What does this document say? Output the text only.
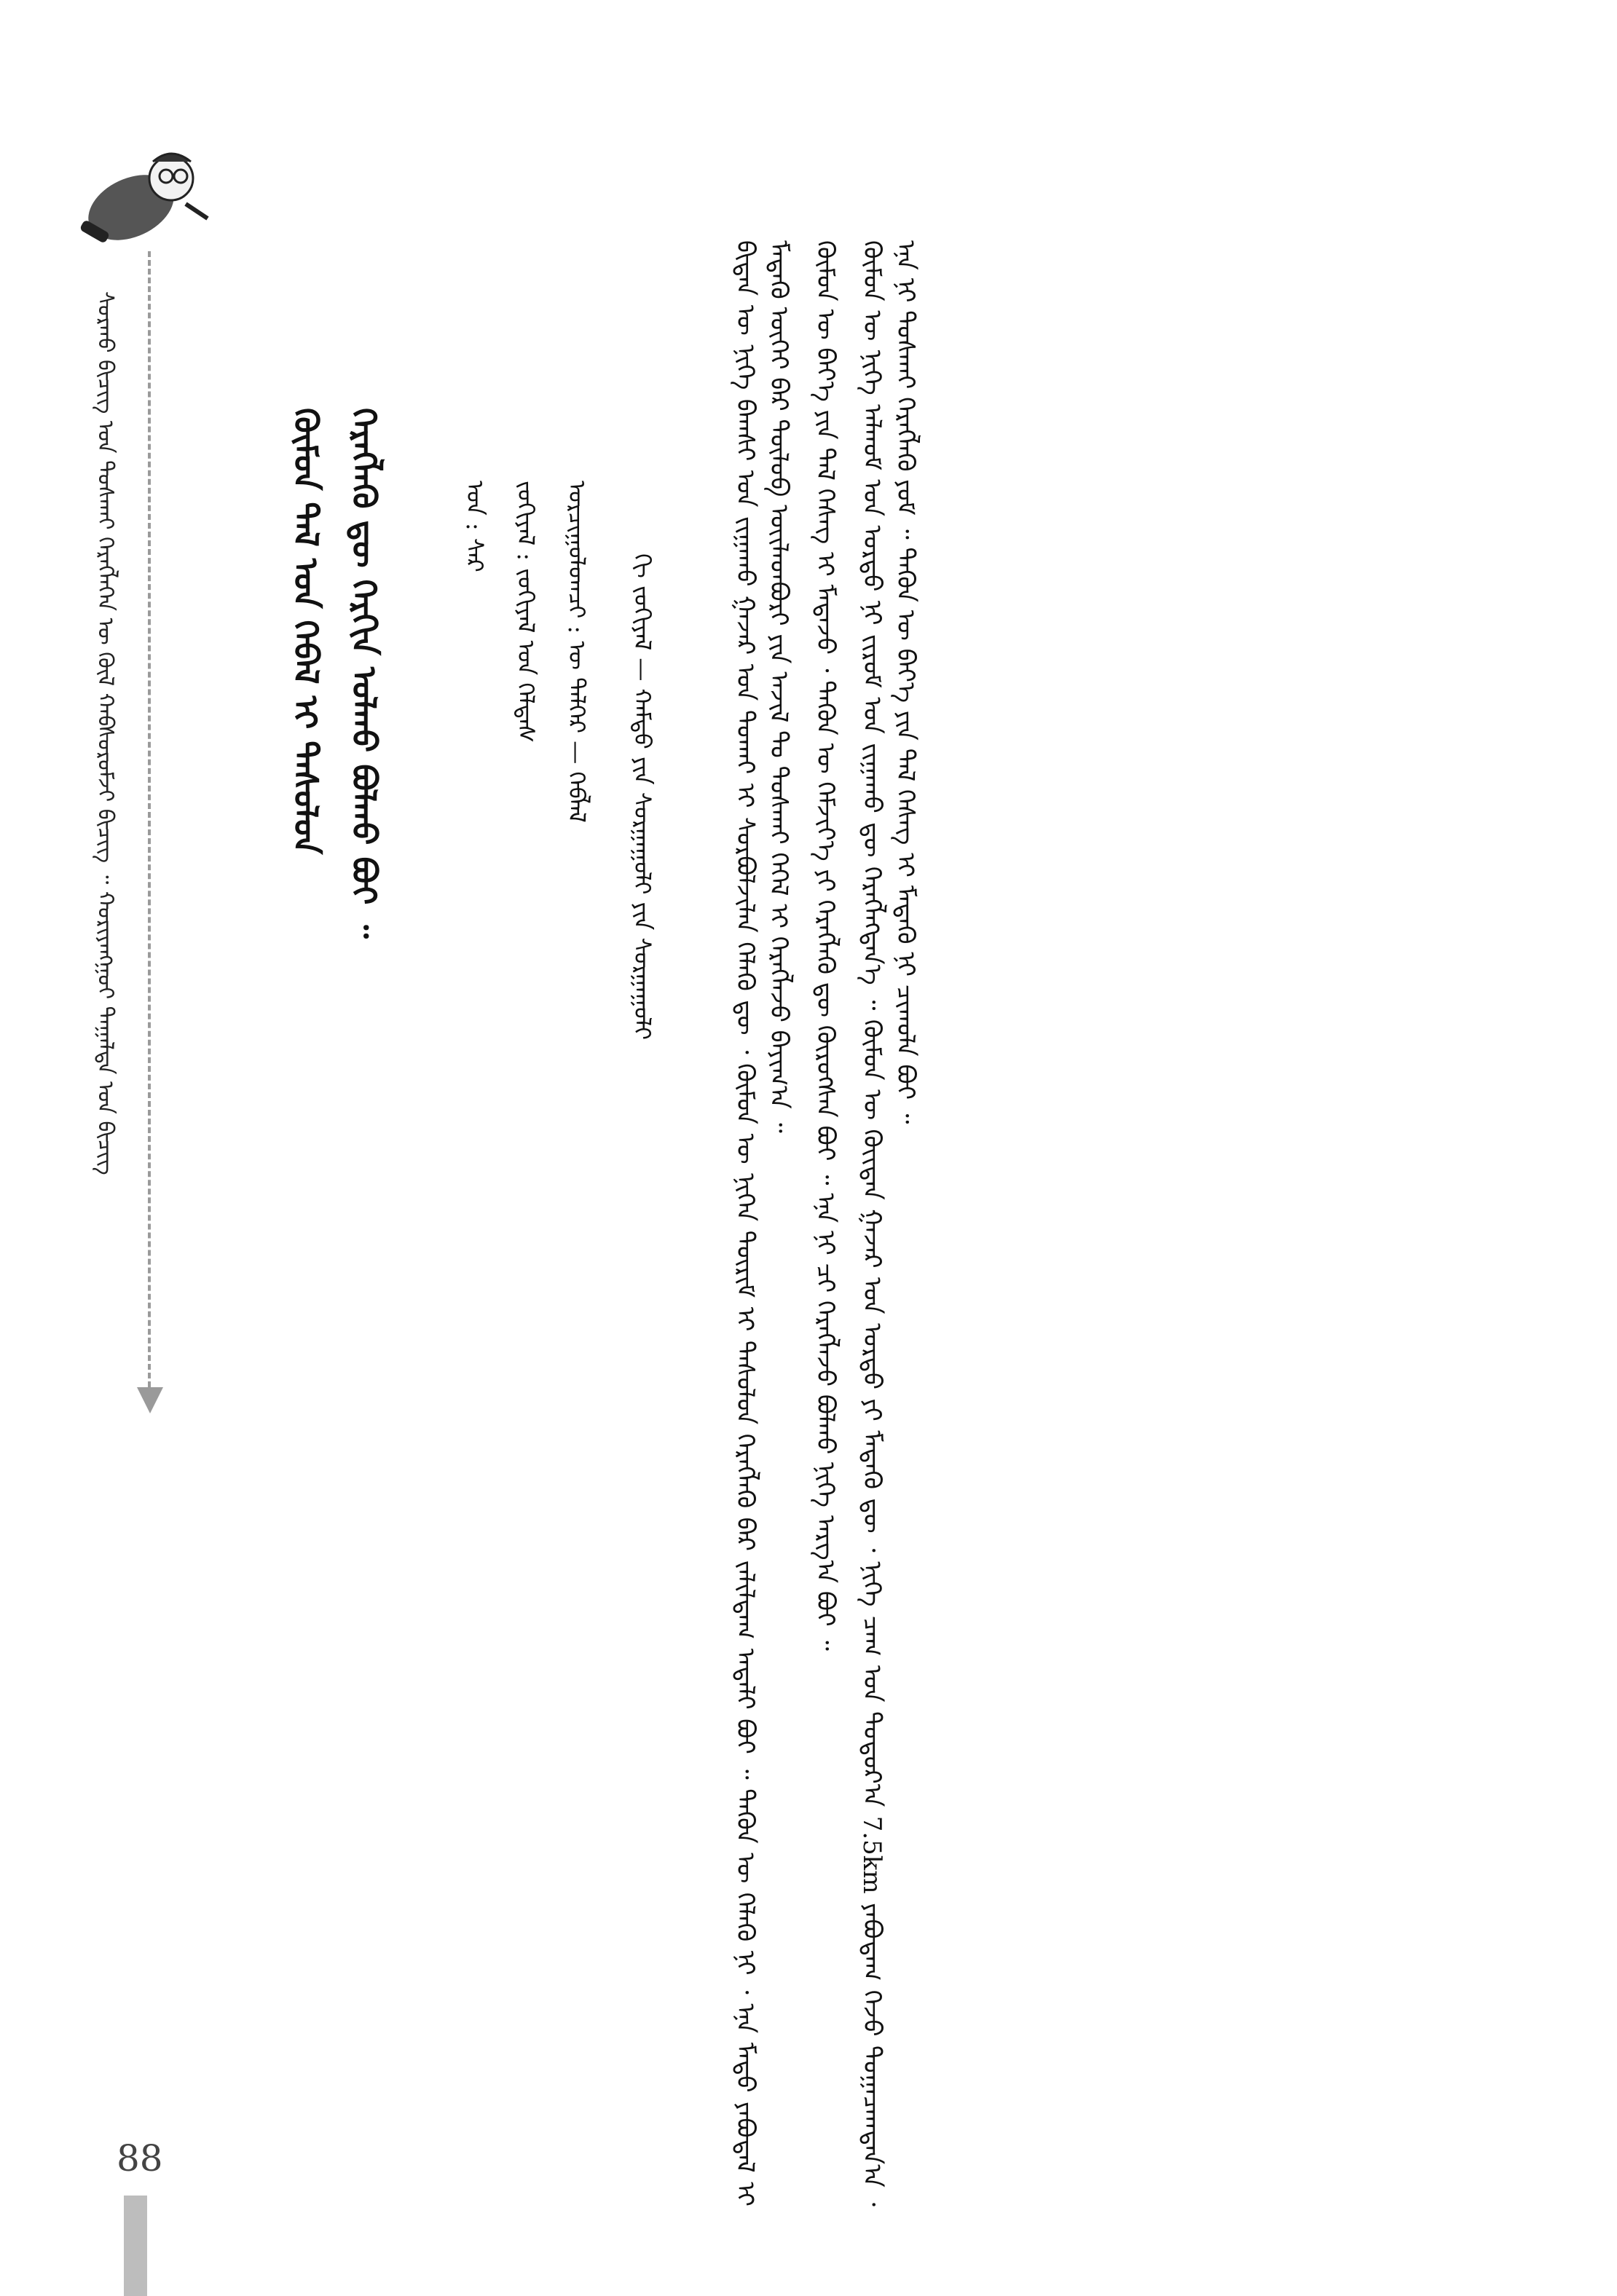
ᠰᠤᠷᠬᠤ ᠪᠢᠴᠢᠭ ᠤᠨ ᠲᠤᠰᠬᠠᠢ ᠬᠡᠷᠡᠭᠯᠡᠭᠡᠨ ᠦ ᠬᠦᠯ ᠬᠠᠪᠰᠤᠷᠤᠮᠵᠢ ᠪᠢᠴᠢᠭ ᠃ ᠬᠤᠷᠢᠶᠠᠩᠭᠤᠢ ᠳᠠᠭᠠᠯᠳᠠ ᠤᠨ ᠪᠢᠴᠢᠭ	ᠬᠥᠮᠦᠨ ᠲᠠᠯ ᠤᠨ ᠬᠡᠪᠡᠯ ᠢ ᠲᠠᠰᠤᠯᠤᠨ ᠬᠡᠷᠡᠭᠯᠡᠬᠦ ᠳᠦ ᠬᠡᠷᠬᠢᠨ ᠤᠯᠬᠤ ᠪᠣᠯᠬᠤ ᠪᠤᠢ ᠃	ᠬᠢ ᠵᠣᠬᠢᠶᠠᠯ — ᠬᠠᠮᠲᠤ ᠶᠢᠨ ᠰᠤᠷᠭᠠᠭᠤᠯᠢ ᠶᠢᠨ ᠰᠤᠷᠭᠠᠭᠤᠯᠢ
ᠣᠷᠴᠢᠭᠤᠯᠤᠭᠴᠢ : ᠦ ᠳᠡᠯᠭᠡᠷ — ᠬᠡᠪᠯᠡᠯ
ᠵᠣᠬᠢᠶᠠᠯ : ᠵᠣᠬᠢᠶᠠᠯ ᠤᠨ ᠬᠡᠯᠲᠡᠰ
ᠣᠨ : ᠰᠠᠷ	ᠪᠢᠳᠡᠨ ᠦ ᠨᠢᠭᠡ ᠪᠠᠭᠰᠢ ᠤᠨ ᠵᠢᠭᠠᠬᠤ ᠭᠠᠵᠠᠷ ᠤᠨ ᠲᠤᠬᠠᠢ ᠢ ᠰᠤᠷᠪᠤᠯᠵᠢᠯᠠᠨ ᠬᠡᠯᠡᠬᠦ ᠳᠦ ᠂ ᠬᠦᠮᠦᠨ ᠦ ᠨᠢᠭᠡᠨ ᠳᠦᠷᠢᠮ ᠢ ᠲᠠᠰᠤᠯᠤᠨ ᠬᠡᠷᠡᠭᠯᠡᠬᠦ ᠪᠠᠷ ᠵᠠᠯᠢᠯᠳᠠᠭ ᠠᠳᠠᠯᠢ ᠪᠤᠢ ᠃ ᠲᠡᠭᠦᠨ ᠦ ᠬᠡᠯᠡᠬᠦ ᠨᠢ ᠂ ᠡᠨᠡ ᠮᠡᠲᠦ ᠶᠠᠪᠤᠳᠠᠯ ᠢ ᠮᠡᠳᠡᠬᠦ ᠦᠭᠡᠢ ᠪᠡᠷ ᠲᠥᠯᠥᠪ ᠦᠢᠯᠡᠳᠪᠦᠷᠢ ᠶᠢᠨ ᠠᠵᠢᠯ ᠲᠤ ᠲᠤᠰᠬᠠᠶ ᠭᠡᠭᠡᠯ ᠢ ᠬᠡᠷᠡᠭᠯᠡᠵᠦ ᠪᠠᠶᠢᠭ᠎ᠠ ᠃ ᠬᠦᠮᠦᠨ ᠦ ᠪᠡᠶ᠎ᠡ ᠶᠢᠨ ᠲᠠᠯ ᠬᠡᠰᠡᠭ ᠢ ᠮᠡᠳᠡᠵᠦ ᠂ ᠲᠡᠭᠦᠨ ᠦ ᠬᠡᠮᠵᠢᠶ᠎ᠡ ᠶᠢ ᠬᠡᠷᠡᠭᠯᠡᠬᠦ ᠳᠦ ᠬᠦᠷᠦᠭᠰᠡᠨ ᠪᠤᠢ ᠃ ᠡᠨᠡ ᠨᠢ ᠴᠢ ᠬᠡᠷᠡᠭᠯᠡᠵᠦ ᠪᠤᠯᠬᠤ ᠨᠢᠭᠡ ᠠᠷᠭ᠎ᠠ ᠪᠤᠢ ᠃ ᠬᠦᠮᠦᠨ ᠦ ᠨᠢᠭᠡ ᠠᠯᠬᠤᠮ ᠤᠨ ᠤᠷᠲᠤ ᠨᠢ ᠵᠢᠷᠤᠮ ᠤᠨ ᠵᠢᠭᠠᠬᠤ ᠳᠦ ᠬᠡᠷᠡᠭᠯᠡᠭᠳᠡᠨ᠎ᠡ ᠃ ᠬᠦᠮᠦᠨ ᠦ ᠬᠦᠢᠲᠡᠨ ᠭᠠᠵᠠᠷ ᠤᠨ ᠤᠷᠲᠤ ᠶᠢ ᠮᠡᠳᠡᠬᠦ ᠳᠦ ᠂ ᠨᠢᠭᠡ ᠴᠠᠭ ᠤᠨ ᠳᠣᠲᠣᠷ᠎ᠠ 7.5km ᠶᠠᠪᠤᠳᠠᠭ ᠭᠡᠵᠦ ᠲᠣᠭᠠᠴᠠᠭᠳᠠᠨ᠎ᠠ ᠂ ᠡᠨᠡ ᠨᠢ ᠲᠤᠰᠬᠠᠢ ᠬᠡᠷᠡᠭᠯᠡᠬᠦ ᠶᠤᠮ ᠃ ᠲᠡᠭᠦᠨ ᠦ ᠪᠡᠶ᠎ᠡ ᠶᠢᠨ ᠲᠠᠯ ᠬᠡᠰᠡᠭ ᠢ ᠮᠡᠳᠡᠬᠦ ᠨᠢ ᠴᠢᠬᠤᠯᠠ ᠪᠤᠢ ᠃

88
